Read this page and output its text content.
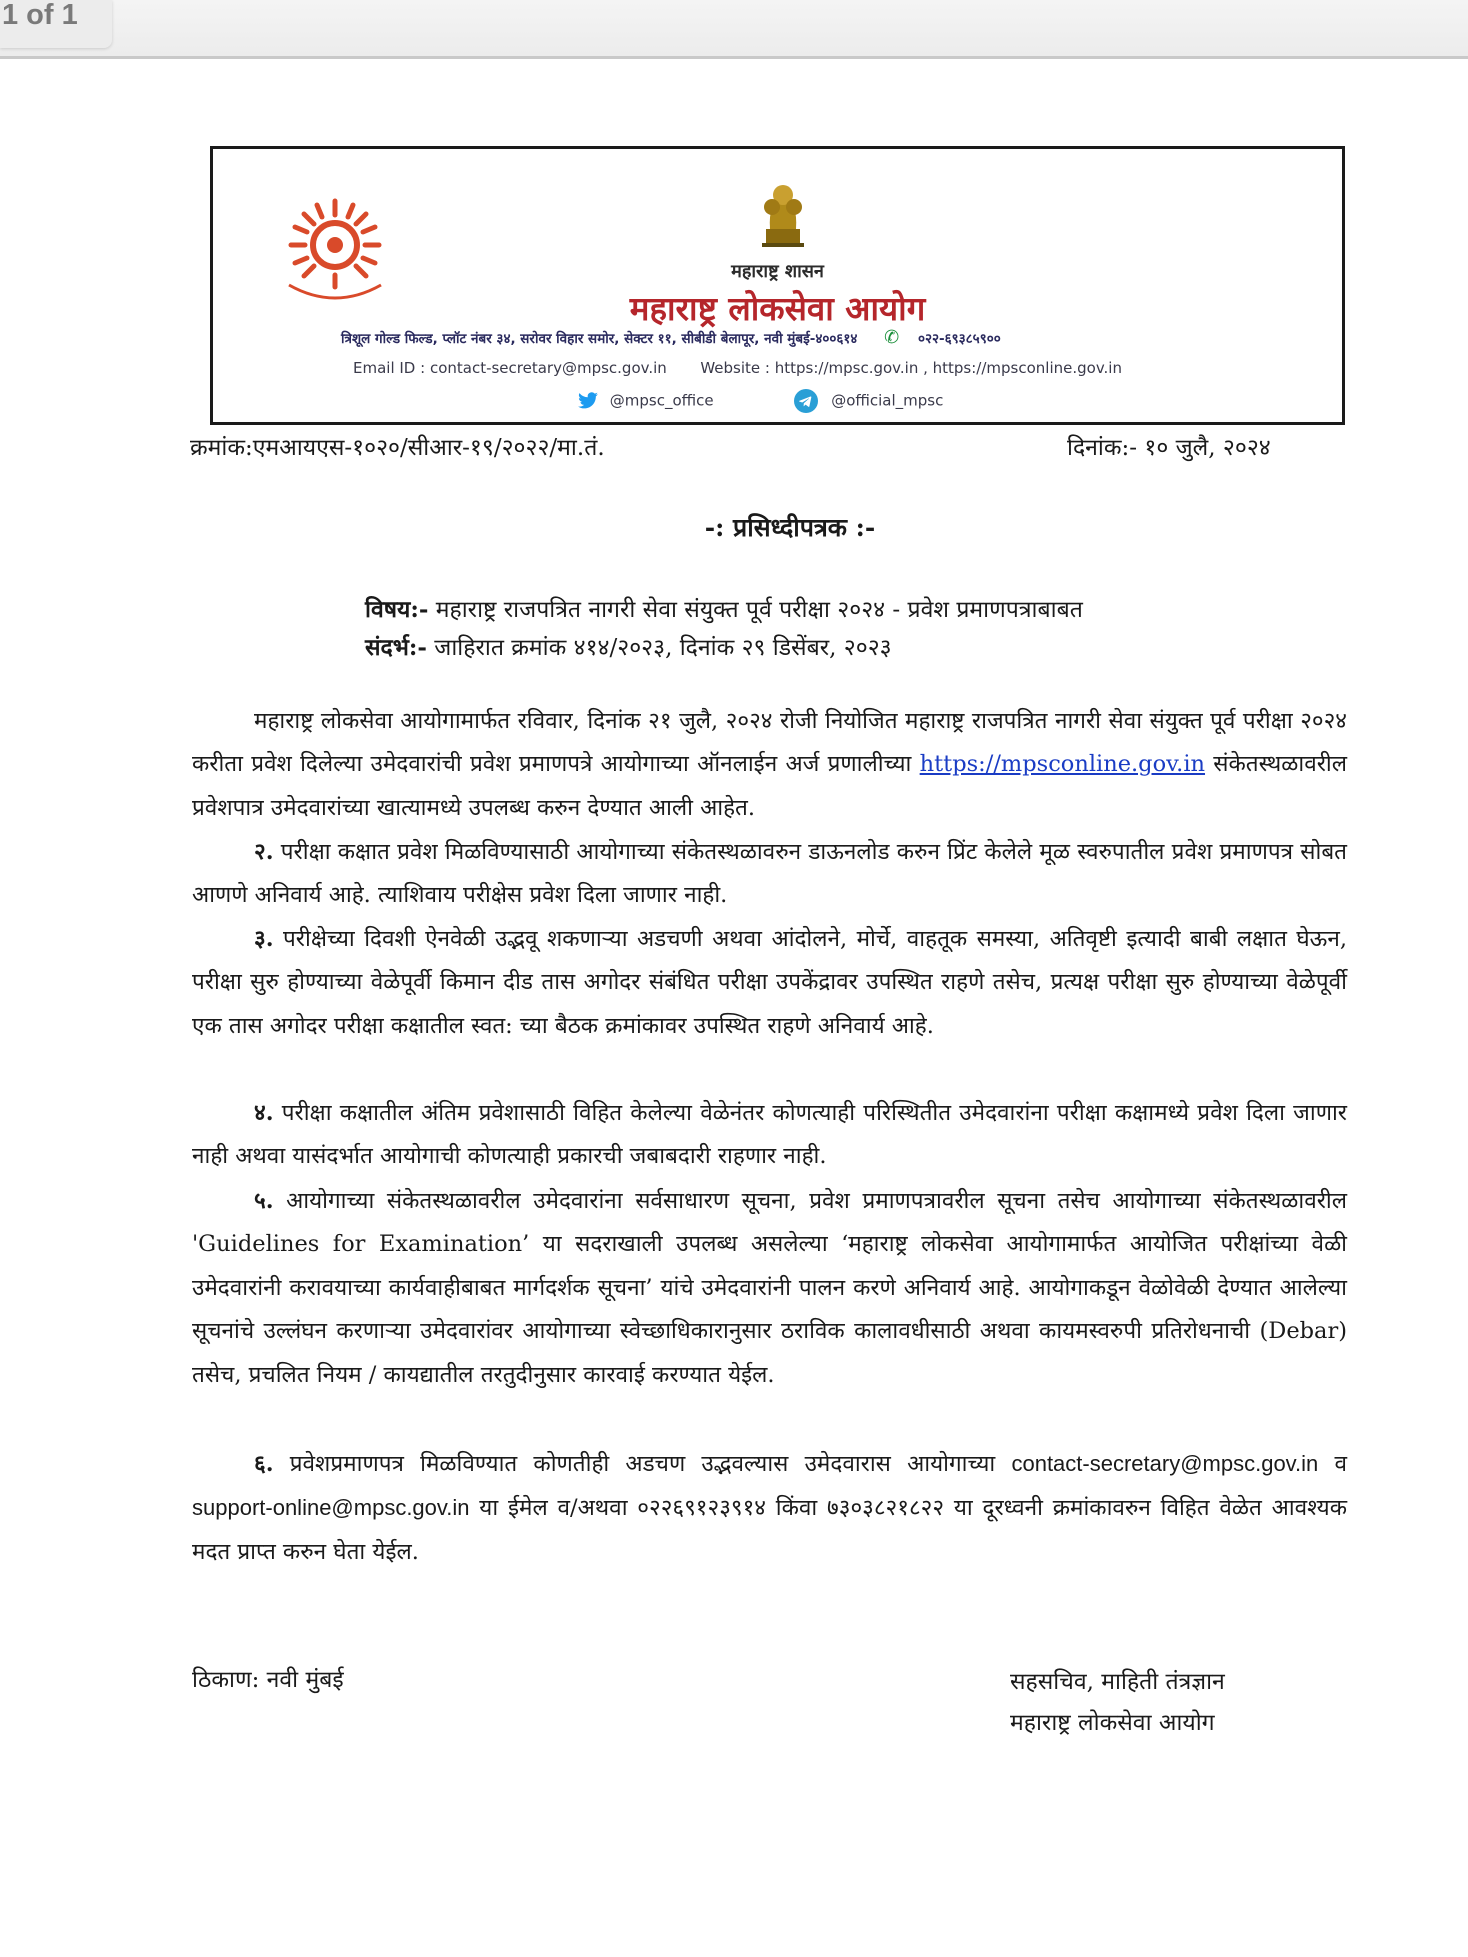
1 of 1
महाराष्ट्र शासन
महाराष्ट्र लोकसेवा आयोग
त्रिशूल गोल्ड फिल्ड, प्लॉट नंबर ३४, सरोवर विहार समोर, सेक्टर ११, सीबीडी बेलापूर, नवी मुंबई-४००६१४ ✆ ०२२-६९३८५९००
Email ID : contact-secretary@mpsc.gov.in Website : https://mpsc.gov.in , https://mpsconline.gov.in
@mpsc_office	@official_mpsc
क्रमांक:एमआयएस-१०२०/सीआर-१९/२०२२/मा.तं.	दिनांक:- १० जुलै, २०२४
-: प्रसिध्दीपत्रक :-
विषय:- महाराष्ट्र राजपत्रित नागरी सेवा संयुक्त पूर्व परीक्षा २०२४ - प्रवेश प्रमाणपत्राबाबत
संदर्भ:- जाहिरात क्रमांक ४१४/२०२३, दिनांक २९ डिसेंबर, २०२३
महाराष्ट्र लोकसेवा आयोगामार्फत रविवार, दिनांक २१ जुलै, २०२४ रोजी नियोजित महाराष्ट्र राजपत्रित नागरी सेवा संयुक्त पूर्व परीक्षा २०२४ करीता प्रवेश दिलेल्या उमेदवारांची प्रवेश प्रमाणपत्रे आयोगाच्या ऑनलाईन अर्ज प्रणालीच्या https://mpsconline.gov.in संकेतस्थळावरील प्रवेशपात्र उमेदवारांच्या खात्यामध्ये उपलब्ध करुन देण्यात आली आहेत.
२. परीक्षा कक्षात प्रवेश मिळविण्यासाठी आयोगाच्या संकेतस्थळावरुन डाऊनलोड करुन प्रिंट केलेले मूळ स्वरुपातील प्रवेश प्रमाणपत्र सोबत आणणे अनिवार्य आहे. त्याशिवाय परीक्षेस प्रवेश दिला जाणार नाही.
३. परीक्षेच्या दिवशी ऐनवेळी उद्भवू शकणाऱ्या अडचणी अथवा आंदोलने, मोर्चे, वाहतूक समस्या, अतिवृष्टी इत्यादी बाबी लक्षात घेऊन, परीक्षा सुरु होण्याच्या वेळेपूर्वी किमान दीड तास अगोदर संबंधित परीक्षा उपकेंद्रावर उपस्थित राहणे तसेच, प्रत्यक्ष परीक्षा सुरु होण्याच्या वेळेपूर्वी एक तास अगोदर परीक्षा कक्षातील स्वत: च्या बैठक क्रमांकावर उपस्थित राहणे अनिवार्य आहे.
४. परीक्षा कक्षातील अंतिम प्रवेशासाठी विहित केलेल्या वेळेनंतर कोणत्याही परिस्थितीत उमेदवारांना परीक्षा कक्षामध्ये प्रवेश दिला जाणार नाही अथवा यासंदर्भात आयोगाची कोणत्याही प्रकारची जबाबदारी राहणार नाही.
५. आयोगाच्या संकेतस्थळावरील उमेदवारांना सर्वसाधारण सूचना, प्रवेश प्रमाणपत्रावरील सूचना तसेच आयोगाच्या संकेतस्थळावरील 'Guidelines for Examination’ या सदराखाली उपलब्ध असलेल्या ‘महाराष्ट्र लोकसेवा आयोगामार्फत आयोजित परीक्षांच्या वेळी उमेदवारांनी करावयाच्या कार्यवाहीबाबत मार्गदर्शक सूचना’ यांचे उमेदवारांनी पालन करणे अनिवार्य आहे. आयोगाकडून वेळोवेळी देण्यात आलेल्या सूचनांचे उल्लंघन करणाऱ्या उमेदवारांवर आयोगाच्या स्वेच्छाधिकारानुसार ठराविक कालावधीसाठी अथवा कायमस्वरुपी प्रतिरोधनाची (Debar) तसेच, प्रचलित नियम / कायद्यातील तरतुदीनुसार कारवाई करण्यात येईल.
६. प्रवेशप्रमाणपत्र मिळविण्यात कोणतीही अडचण उद्भवल्यास उमेदवारास आयोगाच्या contact-secretary@mpsc.gov.in व support-online@mpsc.gov.in या ईमेल व/अथवा ०२२६९१२३९१४ किंवा ७३०३८२१८२२ या दूरध्वनी क्रमांकावरुन विहित वेळेत आवश्यक मदत प्राप्त करुन घेता येईल.
ठिकाण: नवी मुंबई	सहसचिव, माहिती तंत्रज्ञान
महाराष्ट्र लोकसेवा आयोग
